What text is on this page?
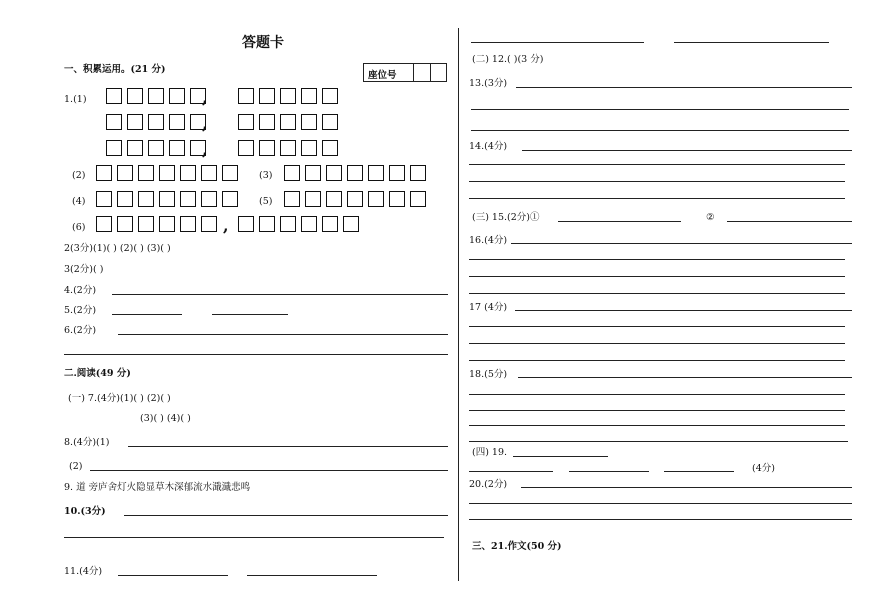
答题卡
一、积累运用。(21 分)
座位号
1.(1)	,
,
,
(2)	(3)
(4)	(5)
(6)	,
2(3分)(1)( ) (2)( ) (3)( )
3(2分)( )
4.(2分)
5.(2分)
6.(2分)
二.阅读(49 分)
(一) 7.(4分)(1)( ) (2)( )
(3)( ) (4)( )
8.(4分)(1)
(2)
9. 道 旁庐舍灯火隐显草木深郁流水濈濈悲鸣
10.(3分)
11.(4分)
(二) 12.( )(3 分)
13.(3分)
14.(4分)
(三) 15.(2分)①	②
16.(4分)
17 (4分)
18.(5分)
(四) 19.
(4分)
20.(2分)
三、21.作文(50 分)
